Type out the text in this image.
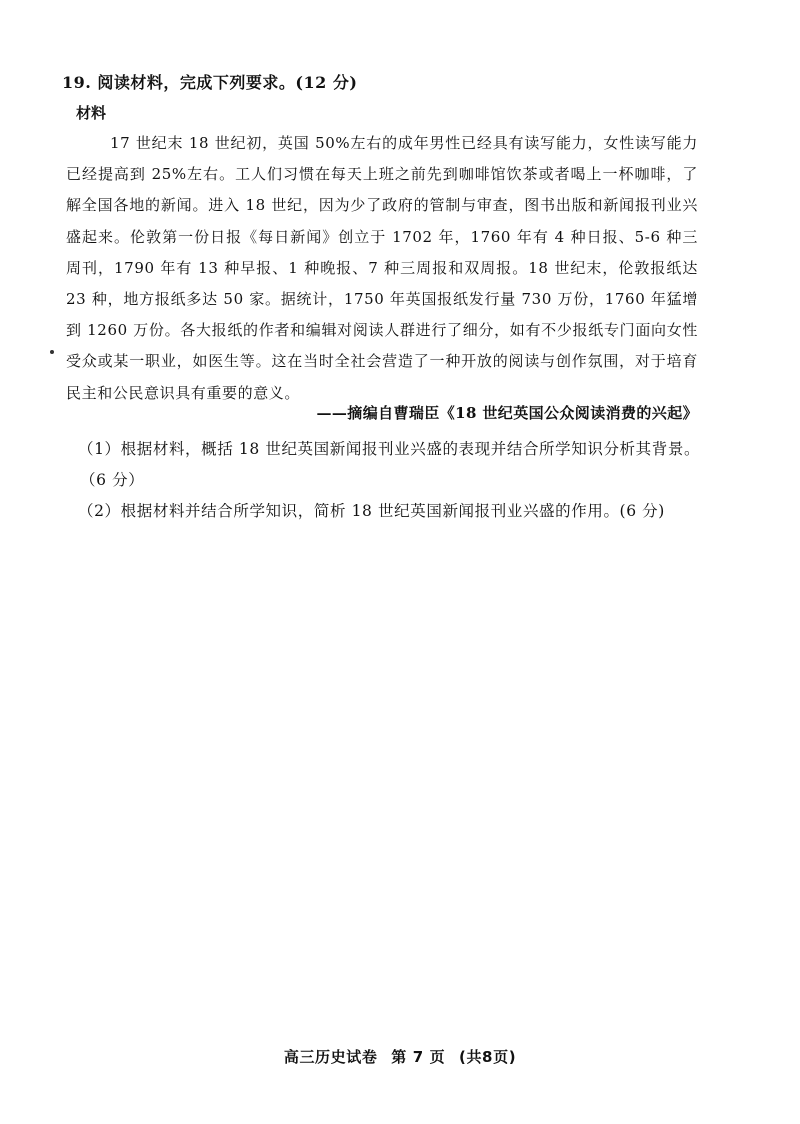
19. 阅读材料，完成下列要求。(12 分)
材料
17 世纪末 18 世纪初，英国 50%左右的成年男性已经具有读写能力，女性读写能力已经提高到 25%左右。工人们习惯在每天上班之前先到咖啡馆饮茶或者喝上一杯咖啡，了解全国各地的新闻。进入 18 世纪，因为少了政府的管制与审查，图书出版和新闻报刊业兴盛起来。伦敦第一份日报《每日新闻》创立于 1702 年，1760 年有 4 种日报、5-6 种三周刊，1790 年有 13 种早报、1 种晚报、7 种三周报和双周报。18 世纪末，伦敦报纸达 23 种，地方报纸多达 50 家。据统计，1750 年英国报纸发行量 730 万份，1760 年猛增到 1260 万份。各大报纸的作者和编辑对阅读人群进行了细分，如有不少报纸专门面向女性受众或某一职业，如医生等。这在当时全社会营造了一种开放的阅读与创作氛围，对于培育民主和公民意识具有重要的意义。
——摘编自曹瑞臣《18 世纪英国公众阅读消费的兴起》
（1）根据材料，概括 18 世纪英国新闻报刊业兴盛的表现并结合所学知识分析其背景。
（6 分）
（2）根据材料并结合所学知识，简析 18 世纪英国新闻报刊业兴盛的作用。(6 分)
高三历史试卷 第 7 页 (共8页)
